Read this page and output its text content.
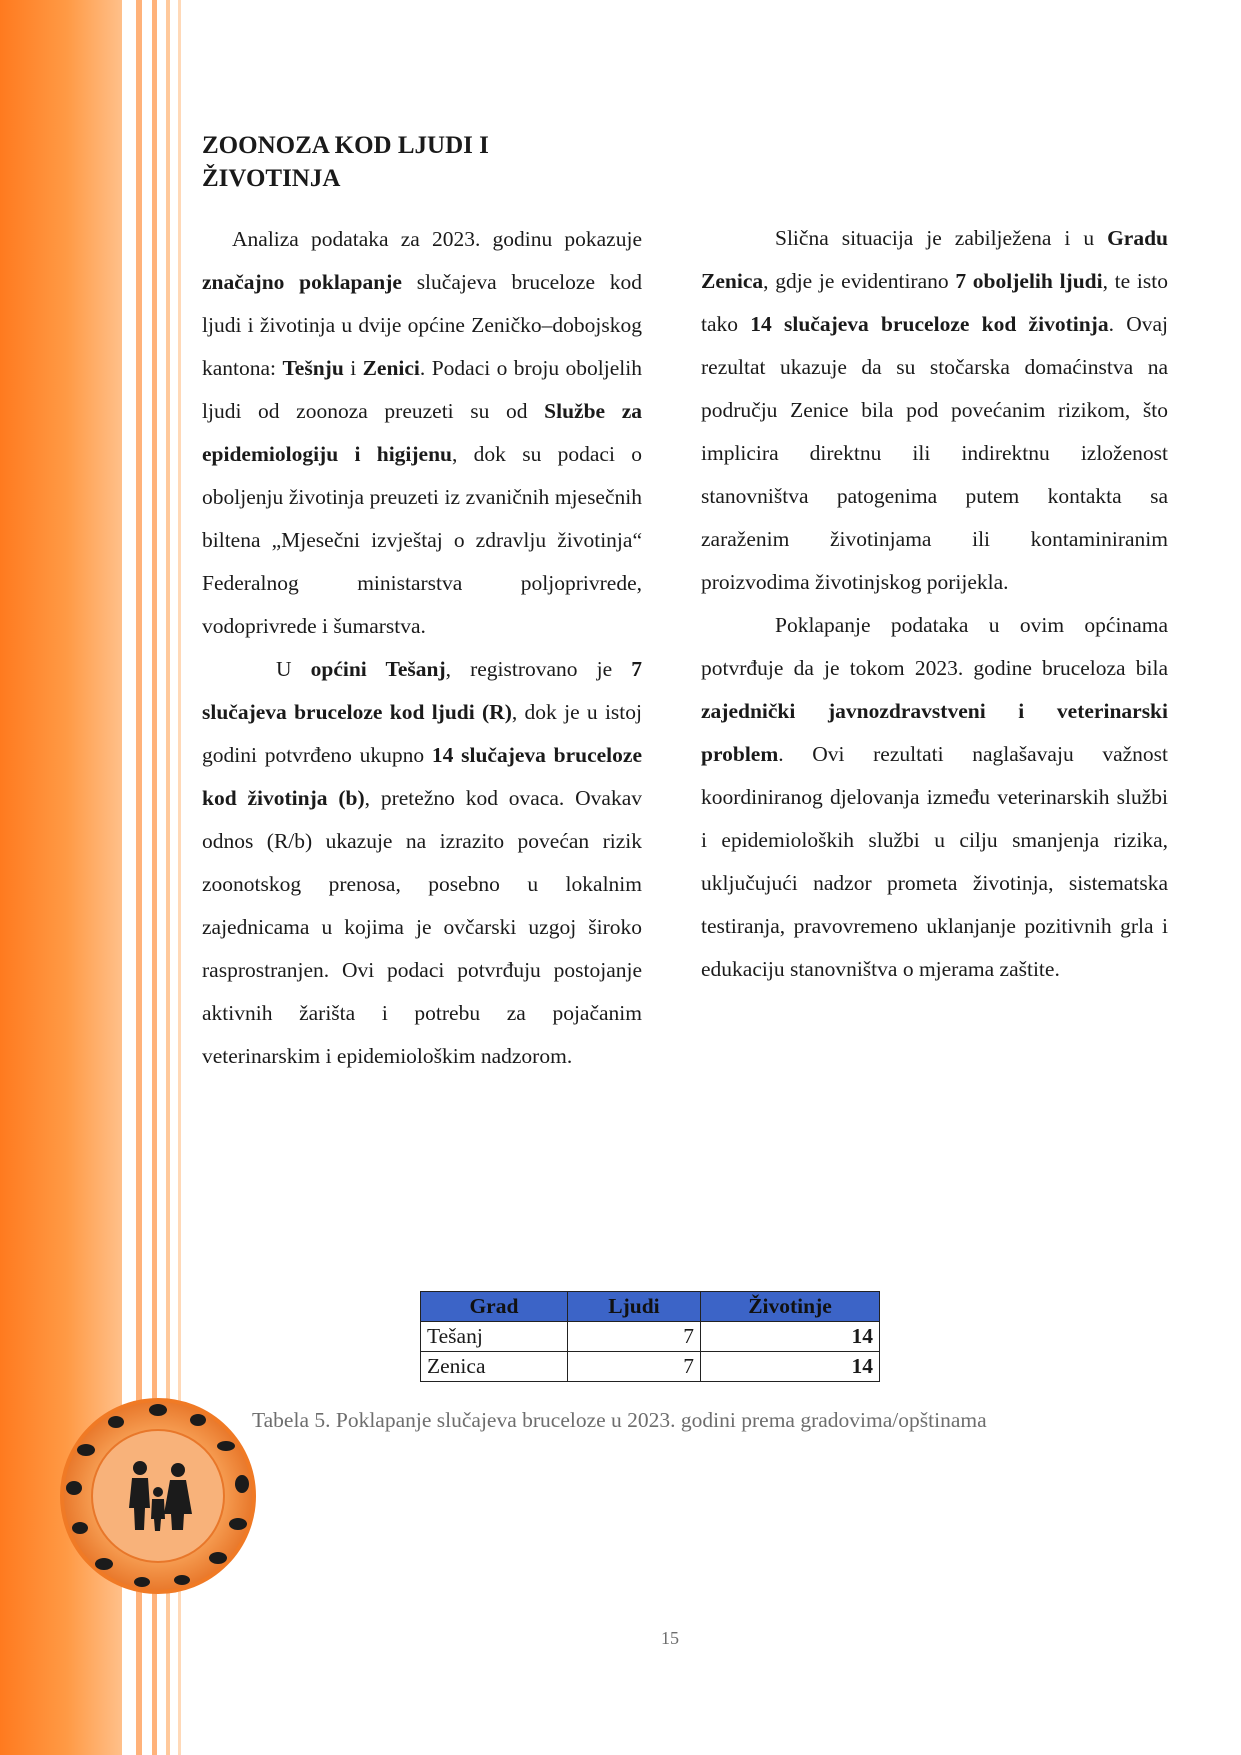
ZOONOZA KOD LJUDI I ŽIVOTINJA

Analiza podataka za 2023. godinu pokazuje značajno poklapanje slučajeva bruceloze kod ljudi i životinja u dvije općine Zeničko–dobojskog kantona: Tešnju i Zenici. Podaci o broju oboljelih ljudi od zoonoza preuzeti su od Službe za epidemiologiju i higijenu, dok su podaci o oboljenju životinja preuzeti iz zvaničnih mjesečnih biltena „Mjesečni izvještaj o zdravlju životinja“ Federalnog ministarstva poljoprivrede, vodoprivrede i šumarstva.

U općini Tešanj, registrovano je 7 slučajeva bruceloze kod ljudi (R), dok je u istoj godini potvrđeno ukupno 14 slučajeva bruceloze kod životinja (b), pretežno kod ovaca. Ovakav odnos (R/b) ukazuje na izrazito povećan rizik zoonotskog prenosa, posebno u lokalnim zajednicama u kojima je ovčarski uzgoj široko rasprostranjen. Ovi podaci potvrđuju postojanje aktivnih žarišta i potrebu za pojačanim veterinarskim i epidemiološkim nadzorom.

Slična situacija je zabilježena i u Gradu Zenica, gdje je evidentirano 7 oboljelih ljudi, te isto tako 14 slučajeva bruceloze kod životinja. Ovaj rezultat ukazuje da su stočarska domaćinstva na području Zenice bila pod povećanim rizikom, što implicira direktnu ili indirektnu izloženost stanovništva patogenima putem kontakta sa zaraženim životinjama ili kontaminiranim proizvodima životinjskog porijekla.

Poklapanje podataka u ovim općinama potvrđuje da je tokom 2023. godine bruceloza bila zajednički javnozdravstveni i veterinarski problem. Ovi rezultati naglašavaju važnost koordiniranog djelovanja između veterinarskih službi i epidemioloških službi u cilju smanjenja rizika, uključujući nadzor prometa životinja, sistematska testiranja, pravovremeno uklanjanje pozitivnih grla i edukaciju stanovništva o mjerama zaštite.

Grad	Ljudi	Životinje
Tešanj	7	14
Zenica	7	14
Tabela 5. Poklapanje slučajeva bruceloze u 2023. godini prema gradovima/opštinama
15
